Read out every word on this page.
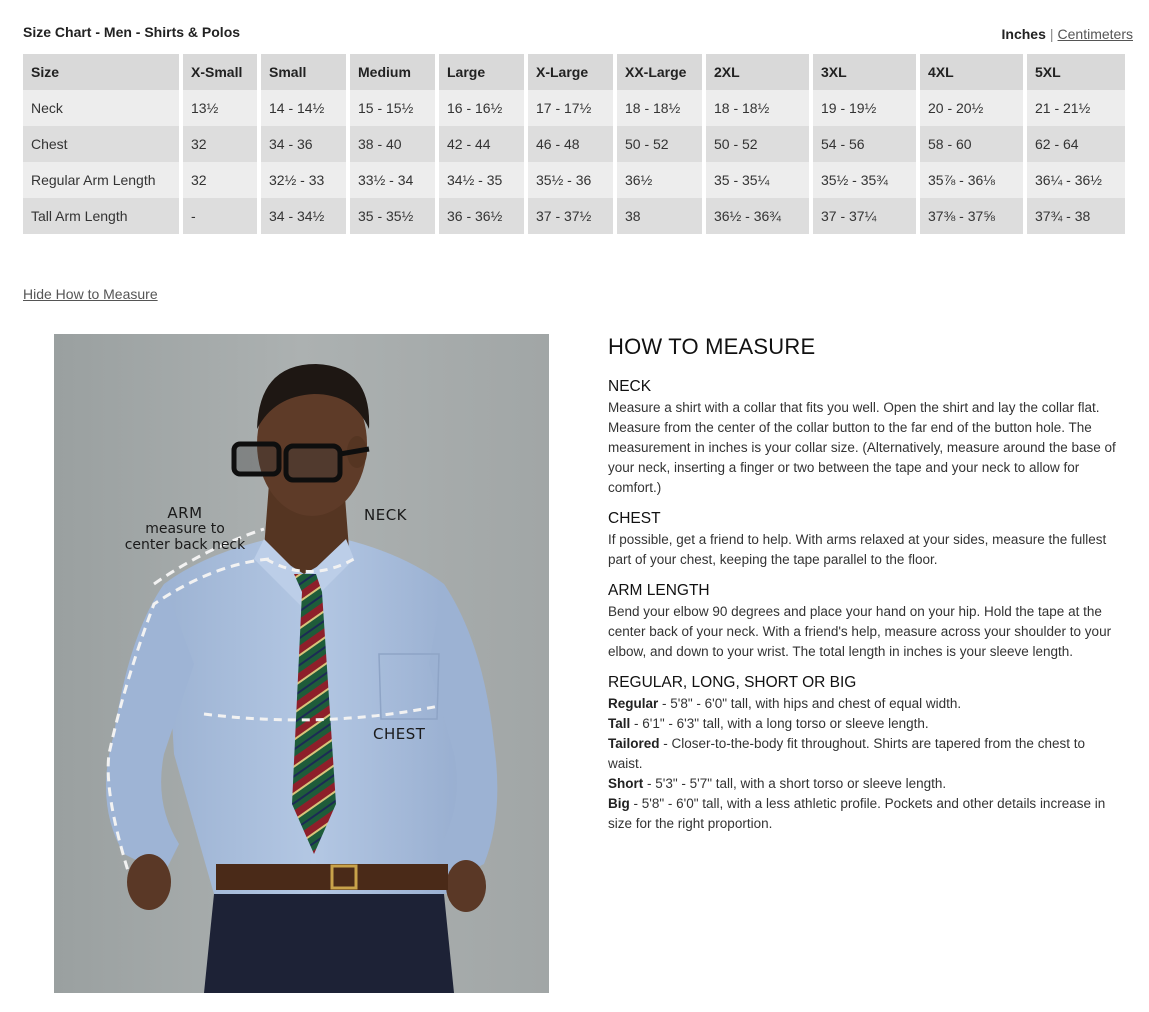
Size Chart - Men - Shirts & Polos	Inches | Centimeters
Size	X-Small	Small	Medium	Large	X-Large	XX-Large	2XL	3XL	4XL	5XL
Neck	13½	14 - 14½	15 - 15½	16 - 16½	17 - 17½	18 - 18½	18 - 18½	19 - 19½	20 - 20½	21 - 21½
Chest	32	34 - 36	38 - 40	42 - 44	46 - 48	50 - 52	50 - 52	54 - 56	58 - 60	62 - 64
Regular Arm Length	32	32½ - 33	33½ - 34	34½ - 35	35½ - 36	36½	35 - 35¼	35½ - 35¾	35⅞ - 36⅛	36¼ - 36½
Tall Arm Length	-	34 - 34½	35 - 35½	36 - 36½	37 - 37½	38	36½ - 36¾	37 - 37¼	37⅜ - 37⅝	37¾ - 38
Hide How to Measure
ARM
measure to
center back neck
NECK
CHEST
HOW TO MEASURE
NECK

Measure a shirt with a collar that fits you well. Open the shirt and lay the collar flat. Measure from the center of the collar button to the far end of the button hole. The measurement in inches is your collar size. (Alternatively, measure around the base of your neck, inserting a finger or two between the tape and your neck to allow for comfort.)

CHEST

If possible, get a friend to help. With arms relaxed at your sides, measure the fullest part of your chest, keeping the tape parallel to the floor.

ARM LENGTH

Bend your elbow 90 degrees and place your hand on your hip. Hold the tape at the center back of your neck. With a friend's help, measure across your shoulder to your elbow, and down to your wrist. The total length in inches is your sleeve length.

REGULAR, LONG, SHORT OR BIG
Regular - 5'8" - 6'0" tall, with hips and chest of equal width.
Tall - 6'1" - 6'3" tall, with a long torso or sleeve length.
Tailored - Closer-to-the-body fit throughout. Shirts are tapered from the chest to waist.
Short - 5'3" - 5'7" tall, with a short torso or sleeve length.
Big - 5'8" - 6'0" tall, with a less athletic profile. Pockets and other details increase in size for the right proportion.
